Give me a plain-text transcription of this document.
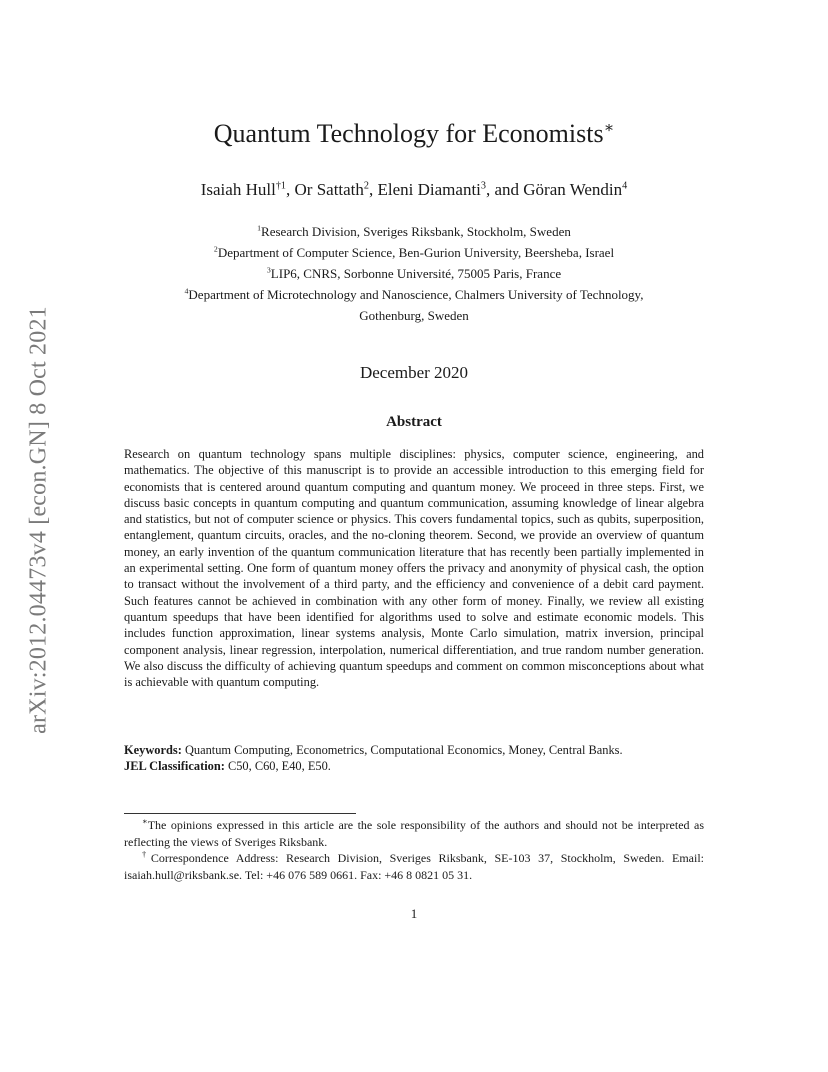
arXiv:2012.04473v4 [econ.GN] 8 Oct 2021
Quantum Technology for Economists∗
Isaiah Hull$^{\dagger 1}$, Or Sattath$^2$, Eleni Diamanti$^3$, and Göran Wendin$^4$
$^1$Research Division, Sveriges Riksbank, Stockholm, Sweden
$^2$Department of Computer Science, Ben-Gurion University, Beersheba, Israel
$^3$LIP6, CNRS, Sorbonne Université, 75005 Paris, France
$^4$Department of Microtechnology and Nanoscience, Chalmers University of Technology,
Gothenburg, Sweden
December 2020
Abstract

Research on quantum technology spans multiple disciplines: physics, computer science, engineering, and mathematics. The objective of this manuscript is to provide an accessible introduction to this emerging field for economists that is centered around quantum computing and quantum money. We proceed in three steps. First, we discuss basic concepts in quantum computing and quantum communication, assuming knowledge of linear algebra and statistics, but not of computer science or physics. This covers fundamental topics, such as qubits, superposition, entanglement, quantum circuits, oracles, and the no-cloning theorem. Second, we provide an overview of quantum money, an early invention of the quantum communication literature that has recently been partially implemented in an experimental setting. One form of quantum money offers the privacy and anonymity of physical cash, the option to transact without the involvement of a third party, and the efficiency and convenience of a debit card payment. Such features cannot be achieved in combination with any other form of money. Finally, we review all existing quantum speedups that have been identified for algorithms used to solve and estimate economic models. This includes function approximation, linear systems analysis, Monte Carlo simulation, matrix inversion, principal component analysis, linear regression, interpolation, numerical differentiation, and true random number generation. We also discuss the difficulty of achieving quantum speedups and comment on common misconceptions about what is achievable with quantum computing.

Keywords: Quantum Computing, Econometrics, Computational Economics, Money, Central Banks.
JEL Classification: C50, C60, E40, E50.

∗The opinions expressed in this article are the sole responsibility of the authors and should not be interpreted as reflecting the views of Sveriges Riksbank.

†Correspondence Address: Research Division, Sveriges Riksbank, SE-103 37, Stockholm, Sweden. Email: isaiah.hull@riksbank.se. Tel: +46 076 589 0661. Fax: +46 8 0821 05 31.

1
